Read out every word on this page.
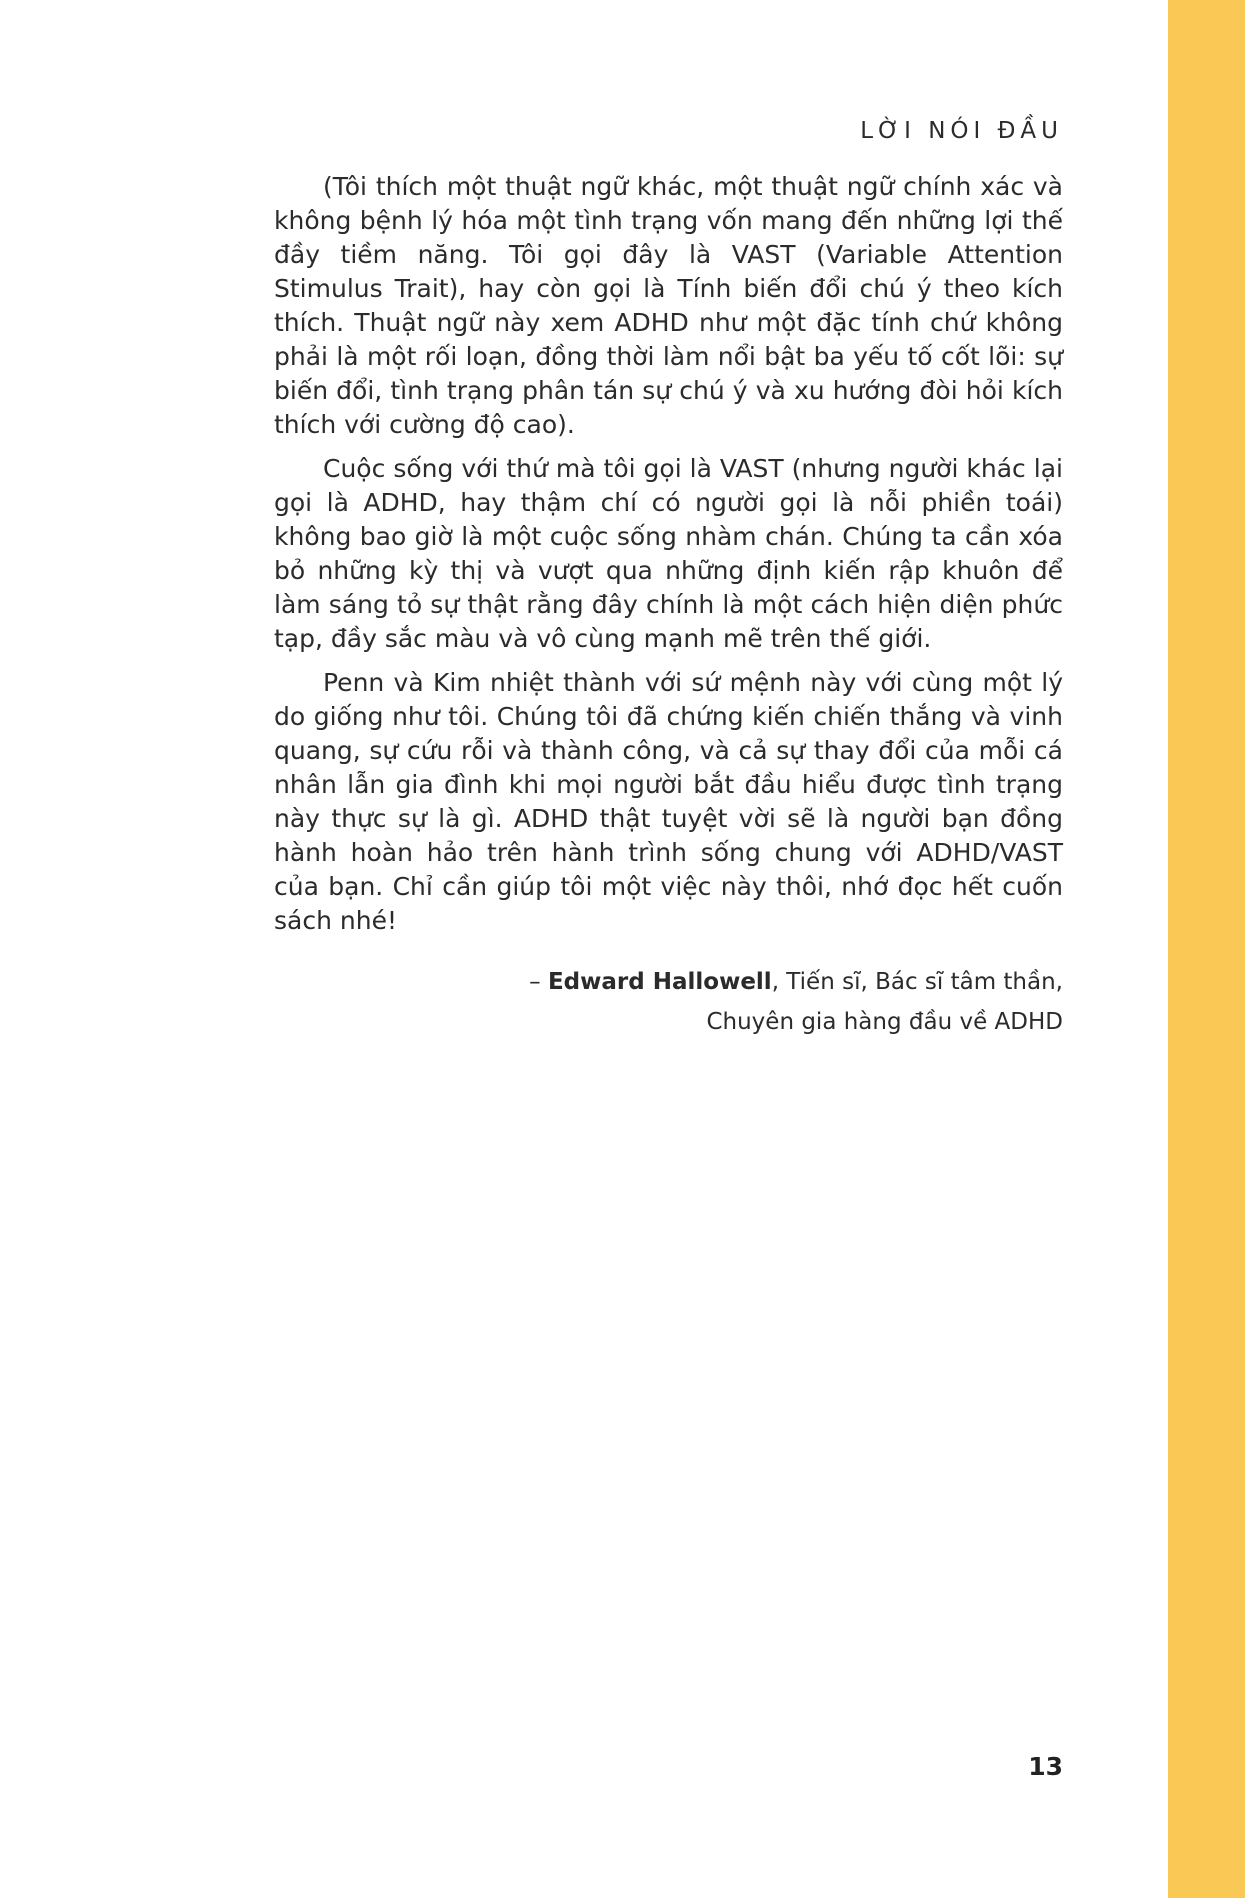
LỜI NÓI ĐẦU

(Tôi thích một thuật ngữ khác, một thuật ngữ chính xác và không bệnh lý hóa một tình trạng vốn mang đến những lợi thế đầy tiềm năng. Tôi gọi đây là VAST (Variable Attention Stimulus Trait), hay còn gọi là Tính biến đổi chú ý theo kích thích. Thuật ngữ này xem ADHD như một đặc tính chứ không phải là một rối loạn, đồng thời làm nổi bật ba yếu tố cốt lõi: sự biến đổi, tình trạng phân tán sự chú ý và xu hướng đòi hỏi kích thích với cường độ cao).

Cuộc sống với thứ mà tôi gọi là VAST (nhưng người khác lại gọi là ADHD, hay thậm chí có người gọi là nỗi phiền toái) không bao giờ là một cuộc sống nhàm chán. Chúng ta cần xóa bỏ những kỳ thị và vượt qua những định kiến rập khuôn để làm sáng tỏ sự thật rằng đây chính là một cách hiện diện phức tạp, đầy sắc màu và vô cùng mạnh mẽ trên thế giới.

Penn và Kim nhiệt thành với sứ mệnh này với cùng một lý do giống như tôi. Chúng tôi đã chứng kiến chiến thắng và vinh quang, sự cứu rỗi và thành công, và cả sự thay đổi của mỗi cá nhân lẫn gia đình khi mọi người bắt đầu hiểu được tình trạng này thực sự là gì. ADHD thật tuyệt vời sẽ là người bạn đồng hành hoàn hảo trên hành trình sống chung với ADHD/VAST của bạn. Chỉ cần giúp tôi một việc này thôi, nhớ đọc hết cuốn sách nhé!

– Edward Hallowell, Tiến sĩ, Bác sĩ tâm thần,
Chuyên gia hàng đầu về ADHD
13
